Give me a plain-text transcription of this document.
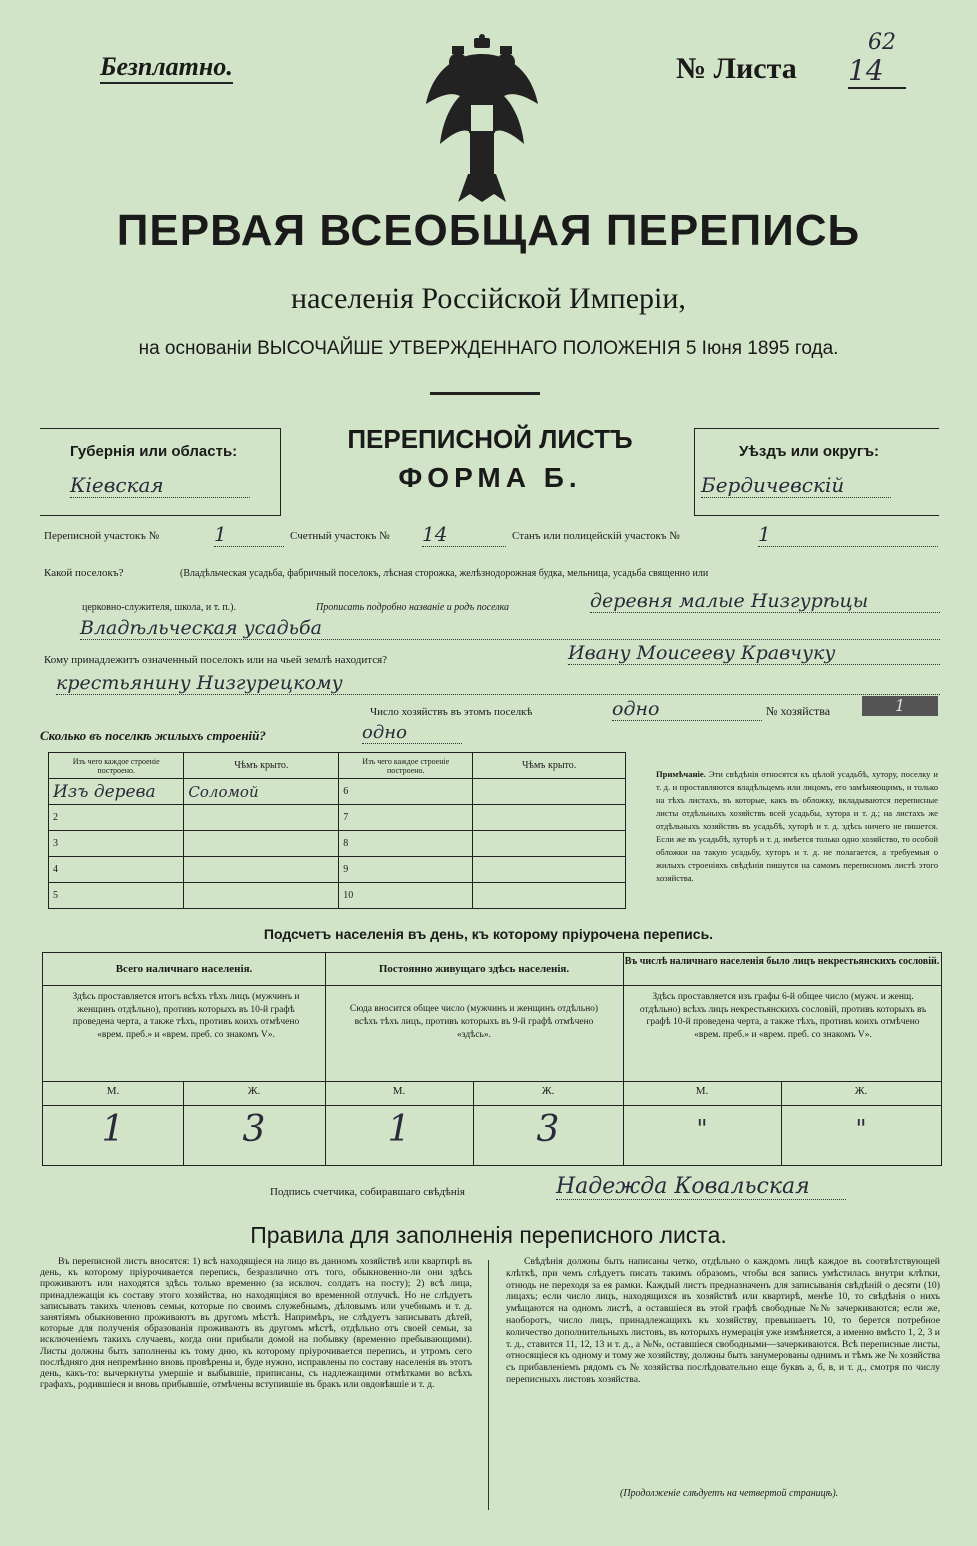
Безплатно.	№ Листа 14
62
ПЕРВАЯ ВСЕОБЩАЯ ПЕРЕПИСЬ
населенія Россійской Имперіи,
на основаніи ВЫСОЧАЙШЕ УТВЕРЖДЕННАГО ПОЛОЖЕНІЯ 5 Іюня 1895 года.
Губернія или область:
Кіевская
ПЕРЕПИСНОЙ ЛИСТЪ
ФОРМА Б.
Уѣздъ или округъ:
Бердичевскій
Переписной участокъ №	1	Счетный участокъ № 14	Станъ или полицейскій участокъ №	1
Какой поселокъ?	(Владѣльческая усадьба, фабричный поселокъ, лѣсная сторожка, желѣзнодорожная будка, мельница, усадьба священно или
церковно-служителя, школа, и т. п.).	Прописать подробно названіе и родъ поселка	деревня малые Низгурѣцы
Владѣльческая усадьба
Кому принадлежитъ означенный поселокъ или на чьей землѣ находится?	Ивану Моисееву Кравчуку
крестьянину Низгурецкому
Число хозяйствъ въ этомъ поселкѣ	одно	№ хозяйства	1
Сколько въ поселкѣ жилыхъ строеній?	одно
Изъ чего каждое строеніе построено.	Чѣмъ крыто.	Изъ чего каждое строеніе построено.	Чѣмъ крыто.
Изъ дерева	Соломой	6	
2		7	
3		8	
4		9	
5		10	
Примѣчаніе. Эти свѣдѣнія относятся къ цѣлой усадьбѣ, хутору, поселку и т. д. и проставляются владѣльцемъ или лицомъ, его замѣняющимъ, и только на тѣхъ листахъ, въ которые, какъ въ обложку, вкладываются переписные листы отдѣльныхъ хозяйствъ всей усадьбы, хутора и т. д.; на листахъ же отдѣльныхъ хозяйствъ въ усадьбѣ, хуторѣ и т. д. здѣсь ничего не пишется. Если же въ усадьбѣ, хуторѣ и т. д. имѣется только одно хозяйство, то особой обложки на такую усадьбу, хуторъ и т. д. не полагается, а требуемыя о жилыхъ строеніяхъ свѣдѣнія пишутся на самомъ переписномъ листѣ этого хозяйства.
Подсчетъ населенія въ день, къ которому пріурочена перепись.
Всего наличнаго населенія.
Здѣсь проставляется итогъ всѣхъ тѣхъ лицъ (мужчинъ и женщинъ отдѣльно), противъ которыхъ въ 10-й графѣ проведена черта, а также тѣхъ, противъ коихъ отмѣчено «врем. преб.» и «врем. преб. со знакомъ V».
Постоянно живущаго здѣсь населенія.
Сюда вносится общее число (мужчинъ и женщинъ отдѣльно) всѣхъ тѣхъ лицъ, противъ которыхъ въ 9-й графѣ отмѣчено «здѣсь».
Въ числѣ наличнаго населенія было лицъ некрестьянскихъ сословій.
Здѣсь проставляется изъ графы 6-й общее число (мужч. и женщ. отдѣльно) всѣхъ лицъ некрестьянскихъ сословій, противъ которыхъ въ графѣ 10-й проведена черта, а также тѣхъ, противъ коихъ отмѣчено «врем. преб.» и «врем. преб. со знакомъ V».
М.	Ж.	М.	Ж.	М.	Ж.
1	3	1	3	"	"
Подпись счетчика, собиравшаго свѣдѣнія	Надежда Ковальская
Правила для заполненія переписного листа.
Въ переписной листъ вносятся: 1) всѣ находящіеся на лицо въ данномъ хозяйствѣ или квартирѣ въ день, къ которому пріурочивается перепись, безразлично отъ того, обыкновенно-ли они здѣсь проживаютъ или находятся здѣсь только временно (за исключ. солдатъ на посту); 2) всѣ лица, принадлежащія къ составу этого хозяйства, но находящіяся во временной отлучкѣ. Но не слѣдуетъ записывать такихъ членовъ семьи, которые по своимъ служебнымъ, дѣловымъ или учебнымъ и т. д. занятіямъ обыкновенно проживаютъ въ другомъ мѣстѣ. Напримѣръ, не слѣдуетъ записывать дѣтей, которые для полученія образованія проживаютъ въ другомъ мѣстѣ, отдѣльно отъ своей семьи, за исключеніемъ такихъ случаевъ, когда они прибыли домой на побывку (временно пребывающими). Листы должны быть заполнены къ тому дню, къ которому пріурочивается перепись, и утромъ сего послѣдняго дня непремѣнно вновь провѣрены и, буде нужно, исправлены по составу населенія въ этотъ день, какъ-то: вычеркнуты умершіе и выбывшіе, приписаны, съ надлежащими отмѣтками во всѣхъ графахъ, родившіеся и вновь прибывшіе, отмѣчены вступившіе въ бракъ или овдовѣвшіе и т. д.
Свѣдѣнія должны быть написаны четко, отдѣльно о каждомъ лицѣ каждое въ соотвѣтствующей клѣткѣ, при чемъ слѣдуетъ писать такимъ образомъ, чтобы вся запись умѣстилась внутри клѣтки, отнюдь не переходя за ея рамки. Каждый листъ предназначенъ для записыванія свѣдѣній о десяти (10) лицахъ; если число лицъ, находящихся въ хозяйствѣ или квартирѣ, менѣе 10, то свѣдѣнія о нихъ умѣщаются на одномъ листѣ, а оставшіеся въ этой графѣ свободные №№ зачеркиваются; если же, наоборотъ, число лицъ, принадлежащихъ къ хозяйству, превышаетъ 10, то берется потребное количество дополнительныхъ листовъ, въ которыхъ нумерація уже измѣняется, а именно вмѣсто 1, 2, 3 и т. д., ставится 11, 12, 13 и т. д., а №№, оставшіеся свободными—зачеркиваются. Всѣ переписные листы, относящіеся къ одному и тому же хозяйству, должны быть занумерованы однимъ и тѣмъ же № хозяйства съ прибавленіемъ рядомъ съ № хозяйства послѣдовательно еще буквъ а, б, в, и т. д., смотря по числу переписныхъ листовъ хозяйства.
(Продолженіе слѣдуетъ на четвертой страницѣ).
